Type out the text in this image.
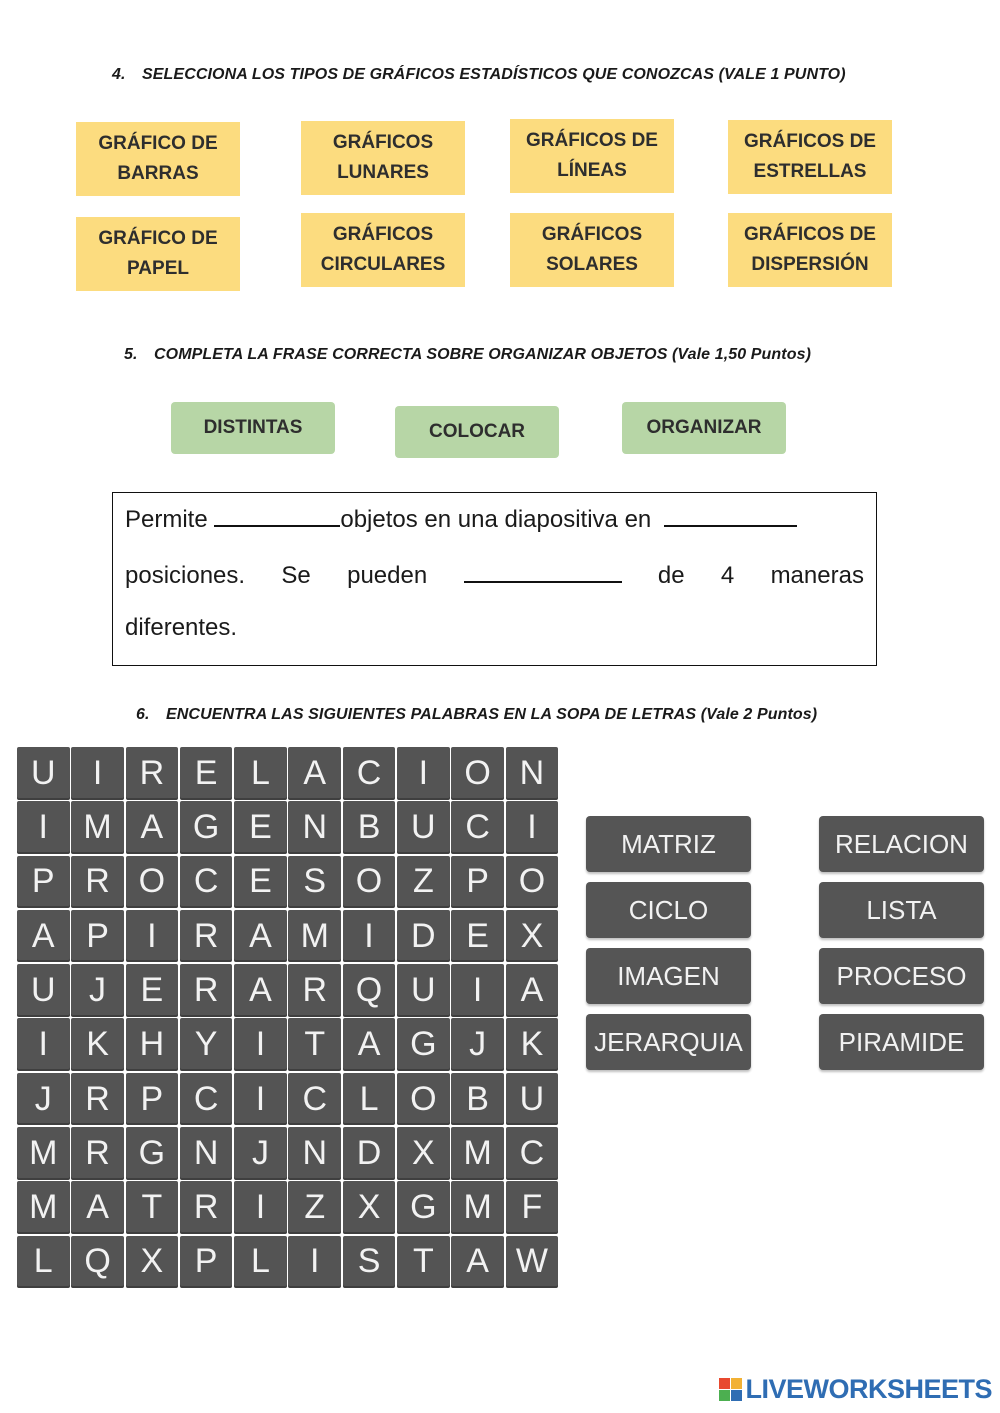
4. SELECCIONA LOS TIPOS DE GRÁFICOS ESTADÍSTICOS QUE CONOZCAS (VALE 1 PUNTO)
GRÁFICO DE
BARRAS
GRÁFICOS
LUNARES
GRÁFICOS DE
LÍNEAS
GRÁFICOS DE
ESTRELLAS
GRÁFICO DE
PAPEL
GRÁFICOS
CIRCULARES
GRÁFICOS
SOLARES
GRÁFICOS DE
DISPERSIÓN
5. COMPLETA LA FRASE CORRECTA SOBRE ORGANIZAR OBJETOS (Vale 1,50 Puntos)
DISTINTAS	COLOCAR	ORGANIZAR
Permite	objetos en una diapositiva en
posiciones. Se pueden	de 4 maneras
diferentes.
6. ENCUENTRA LAS SIGUIENTES PALABRAS EN LA SOPA DE LETRAS (Vale 2 Puntos)
U	I	R E L A C	I	O N
I	M A G E N B U C	I
P R O C E S O Z P O
A P	I	R A M	I	D E X
U J	E R A R Q U	I	A
I	K H Y	I	T A G J	K
J R P C	I	C L O B U
M R G N J N D X M C
M A T R	I	Z X G M F
L Q X P L	I	S T A W
MATRIZ
CICLO
IMAGEN
JERARQUIA
RELACION
LISTA
PROCESO
PIRAMIDE
LIVEWORKSHEETS
